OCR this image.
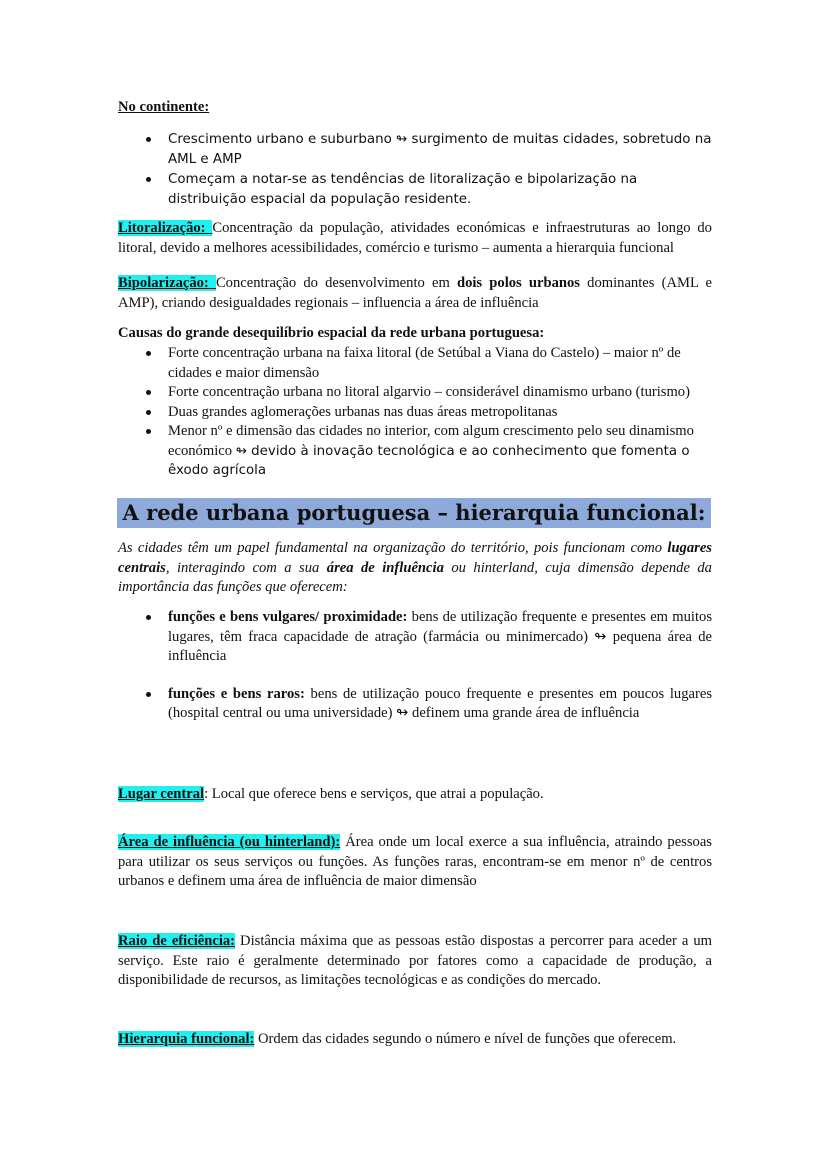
No continente:
Crescimento urbano e suburbano ↬ surgimento de muitas cidades, sobretudo na AML e AMP
Começam a notar-se as tendências de litoralização e bipolarização na distribuição espacial da população residente.
Litoralização: Concentração da população, atividades económicas e infraestruturas ao longo do litoral, devido a melhores acessibilidades, comércio e turismo – aumenta a hierarquia funcional
Bipolarização: Concentração do desenvolvimento em dois polos urbanos dominantes (AML e AMP), criando desigualdades regionais – influencia a área de influência
Causas do grande desequilíbrio espacial da rede urbana portuguesa:
Forte concentração urbana na faixa litoral (de Setúbal a Viana do Castelo) – maior nº de cidades e maior dimensão
Forte concentração urbana no litoral algarvio – considerável dinamismo urbano (turismo)
Duas grandes aglomerações urbanas nas duas áreas metropolitanas
Menor nº e dimensão das cidades no interior, com algum crescimento pelo seu dinamismo económico ↬ devido à inovação tecnológica e ao conhecimento que fomenta o êxodo agrícola
A rede urbana portuguesa – hierarquia funcional:
As cidades têm um papel fundamental na organização do território, pois funcionam como lugares centrais, interagindo com a sua área de influência ou hinterland, cuja dimensão depende da importância das funções que oferecem:
funções e bens vulgares/ proximidade: bens de utilização frequente e presentes em muitos lugares, têm fraca capacidade de atração (farmácia ou minimercado) ↬ pequena área de influência
funções e bens raros: bens de utilização pouco frequente e presentes em poucos lugares (hospital central ou uma universidade) ↬ definem uma grande área de influência
Lugar central: Local que oferece bens e serviços, que atrai a população.
Área de influência (ou hinterland): Área onde um local exerce a sua influência, atraindo pessoas para utilizar os seus serviços ou funções. As funções raras, encontram-se em menor nº de centros urbanos e definem uma área de influência de maior dimensão
Raio de eficiência: Distância máxima que as pessoas estão dispostas a percorrer para aceder a um serviço. Este raio é geralmente determinado por fatores como a capacidade de produção, a disponibilidade de recursos, as limitações tecnológicas e as condições do mercado.
Hierarquia funcional: Ordem das cidades segundo o número e nível de funções que oferecem.
